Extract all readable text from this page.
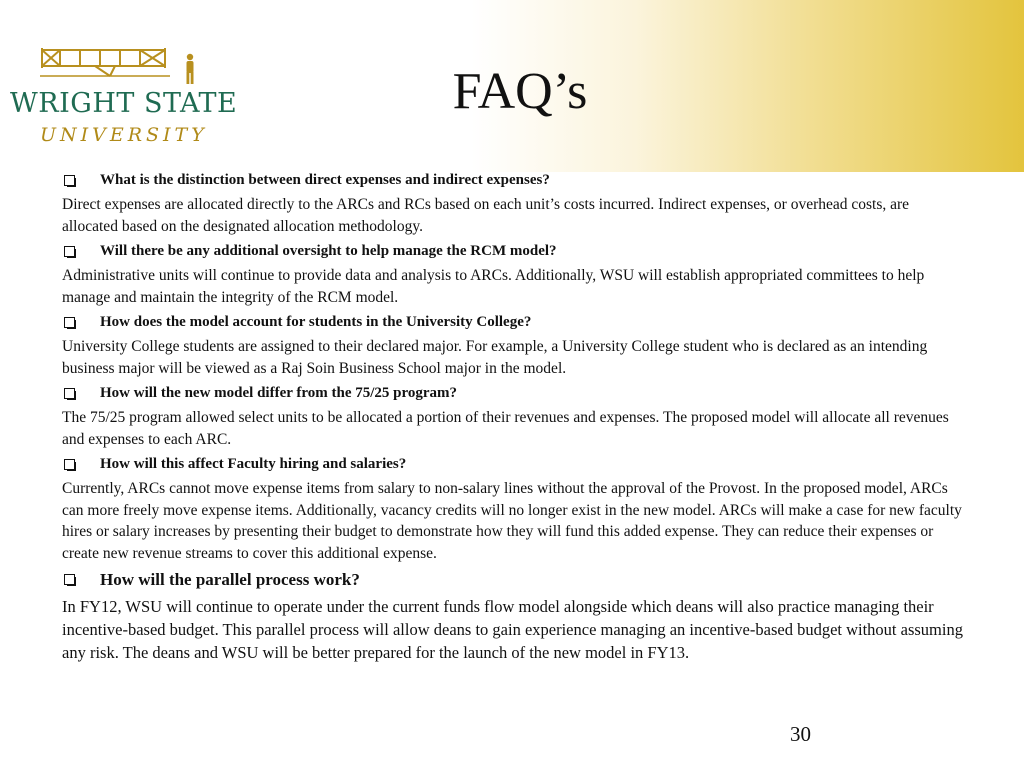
WRIGHT STATE
UNIVERSITY
FAQ’s
What is the distinction between direct expenses and indirect expenses?
Direct expenses are allocated directly to the ARCs and RCs based on each unit’s costs incurred. Indirect expenses, or overhead costs, are allocated based on the designated allocation methodology.
Will there be any additional oversight to help manage the RCM model?
Administrative units will continue to provide data and analysis to ARCs. Additionally, WSU will establish appropriated committees to help manage and maintain the integrity of the RCM model.
How does the model account for students in the University College?
University College students are assigned to their declared major. For example, a University College student who is declared as an intending business major will be viewed as a Raj Soin Business School major in the model.
How will the new model differ from the 75/25 program?
The 75/25 program allowed select units to be allocated a portion of their revenues and expenses. The proposed model will allocate all revenues and expenses to each ARC.
How will this affect Faculty hiring and salaries?
Currently, ARCs cannot move expense items from salary to non-salary lines without the approval of the Provost. In the proposed model, ARCs can more freely move expense items. Additionally, vacancy credits will no longer exist in the new model. ARCs will make a case for new faculty hires or salary increases by presenting their budget to demonstrate how they will fund this added expense. They can reduce their expenses or create new revenue streams to cover this additional expense.
How will the parallel process work?
In FY12, WSU will continue to operate under the current funds flow model alongside which deans will also practice managing their incentive-based budget. This parallel process will allow deans to gain experience managing an incentive-based budget without assuming any risk. The deans and WSU will be better prepared for the launch of the new model in FY13.
30
